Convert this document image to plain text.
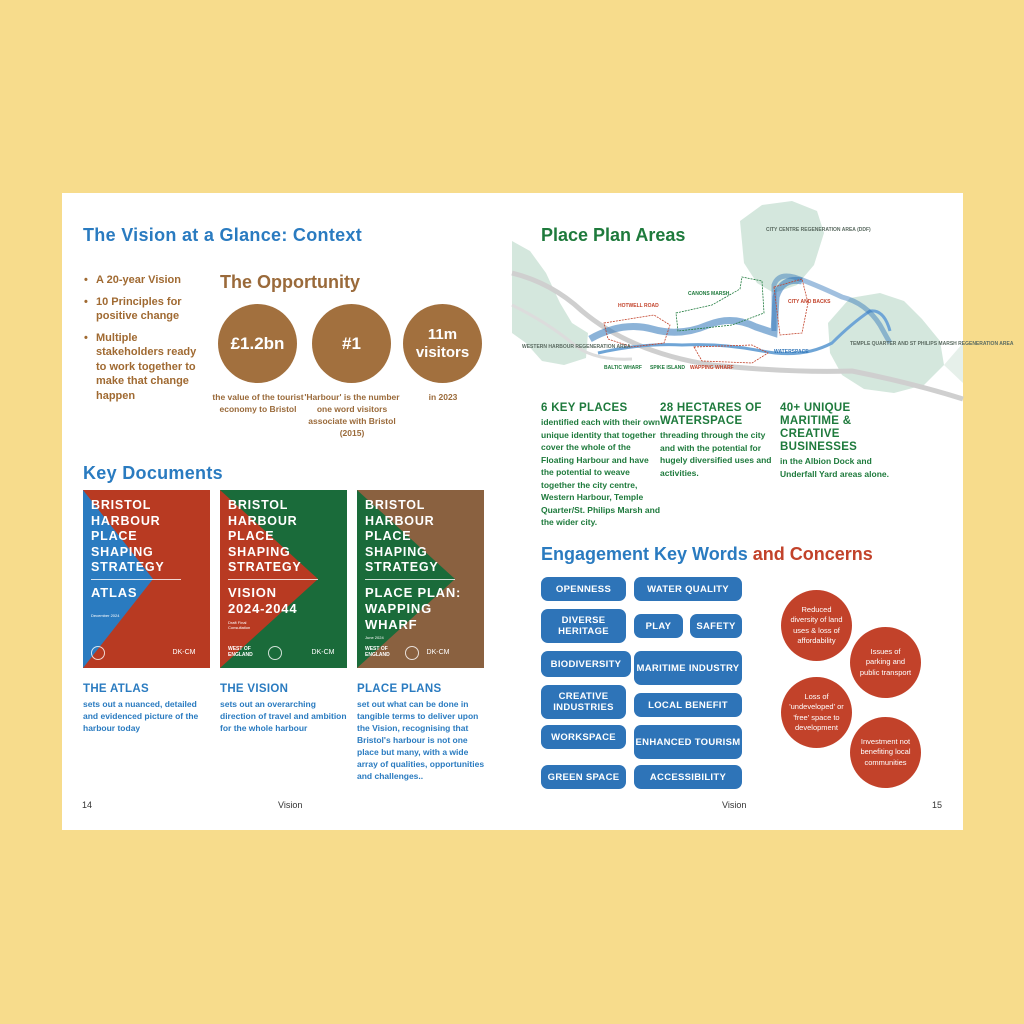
The Vision at a Glance: Context
• A 20-year Vision
• 10 Principles for positive change
• Multiple stakeholders ready to work together to make that change happen
The Opportunity
£1.2bn
the value of the tourist economy to Bristol
#1
'Harbour' is the number one word visitors associate with Bristol (2015)
11m
visitors
in 2023
Key Documents
BRISTOL
HARBOUR
PLACE
SHAPING
STRATEGY
ATLAS
December 2024
DK-CM
THE ATLAS
sets out a nuanced, detailed and evidenced picture of the harbour today
BRISTOL
HARBOUR
PLACE
SHAPING
STRATEGY
VISION
2024-2044
Draft Final Consultation
WEST OF ENGLAND	DK-CM
THE VISION
sets out an overarching direction of travel and ambition for the whole harbour
BRISTOL
HARBOUR
PLACE
SHAPING
STRATEGY
PLACE PLAN:
WAPPING
WHARF
June 2024
WEST OF ENGLAND	DK-CM
PLACE PLANS
set out what can be done in tangible terms to deliver upon the Vision, recognising that Bristol's harbour is not one place but many, with a wide array of qualities, opportunities and challenges..
14	Vision
CITY CENTRE REGENERATION AREA (DDF)
CANONS MARSH
HOTWELL ROAD
CITY AND BACKS
WESTERN HARBOUR REGENERATION AREA
BALTIC WHARF SPIKE ISLAND WAPPING WHARF
WATERSPACE
TEMPLE QUARTER AND ST PHILIPS MARSH REGENERATION AREA
Place Plan Areas
6 KEY PLACES
identified each with their own unique identity that together cover the whole of the Floating Harbour and have the potential to weave together the city centre, Western Harbour, Temple Quarter/St. Philips Marsh and the wider city.
28 HECTARES OF WATERSPACE
threading through the city and with the potential for hugely diversified uses and activities.
40+ UNIQUE MARITIME & CREATIVE BUSINESSES
in the Albion Dock and Underfall Yard areas alone.
Engagement Key Words and Concerns
OPENNESS	WATER QUALITY
DIVERSE HERITAGE	PLAY	SAFETY
BIODIVERSITY	MARITIME INDUSTRY
CREATIVE INDUSTRIES	LOCAL BENEFIT
WORKSPACE	ENHANCED TOURISM
GREEN SPACE	ACCESSIBILITY
Reduced diversity of land uses & loss of affordability
Issues of parking and public transport
Loss of 'undeveloped' or 'free' space to development
Investment not benefiting local communities
Vision	15
